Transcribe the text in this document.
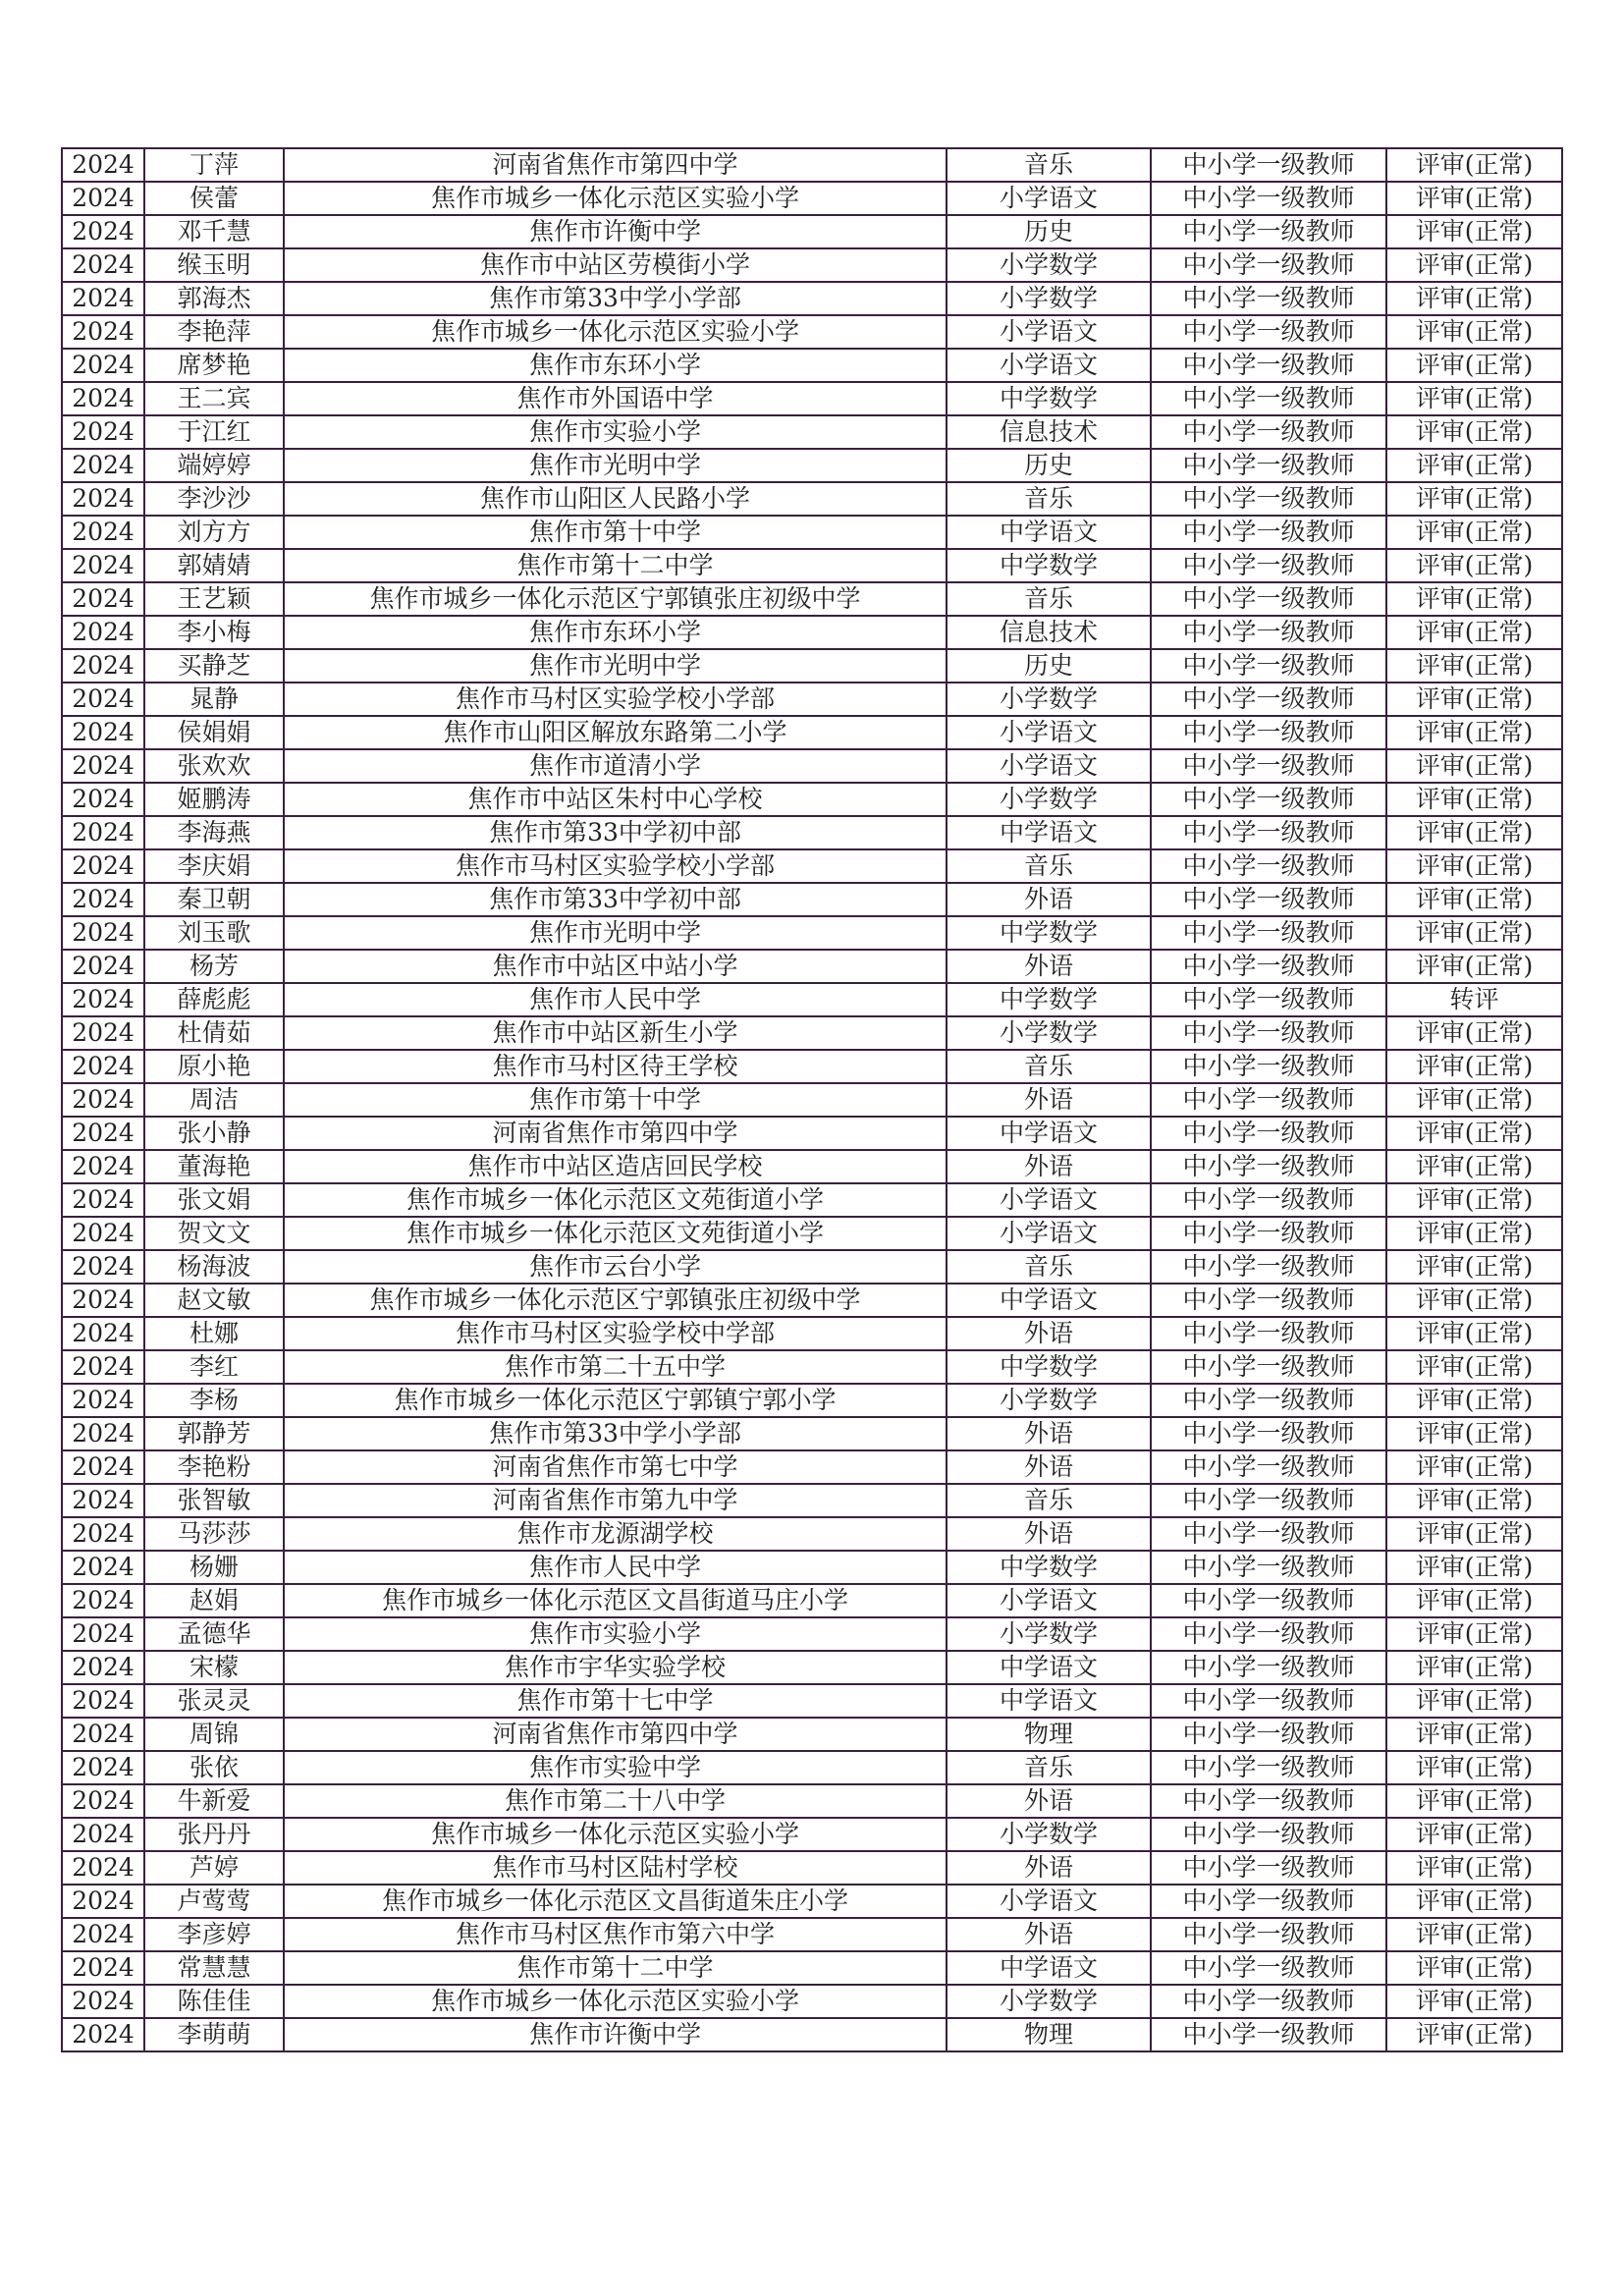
2024	丁萍	河南省焦作市第四中学	音乐	中小学一级教师	评审(正常)
2024	侯蕾	焦作市城乡一体化示范区实验小学	小学语文	中小学一级教师	评审(正常)
2024	邓千慧	焦作市许衡中学	历史	中小学一级教师	评审(正常)
2024	缑玉明	焦作市中站区劳模街小学	小学数学	中小学一级教师	评审(正常)
2024	郭海杰	焦作市第33中学小学部	小学数学	中小学一级教师	评审(正常)
2024	李艳萍	焦作市城乡一体化示范区实验小学	小学语文	中小学一级教师	评审(正常)
2024	席梦艳	焦作市东环小学	小学语文	中小学一级教师	评审(正常)
2024	王二宾	焦作市外国语中学	中学数学	中小学一级教师	评审(正常)
2024	于江红	焦作市实验小学	信息技术	中小学一级教师	评审(正常)
2024	端婷婷	焦作市光明中学	历史	中小学一级教师	评审(正常)
2024	李沙沙	焦作市山阳区人民路小学	音乐	中小学一级教师	评审(正常)
2024	刘方方	焦作市第十中学	中学语文	中小学一级教师	评审(正常)
2024	郭婧婧	焦作市第十二中学	中学数学	中小学一级教师	评审(正常)
2024	王艺颖	焦作市城乡一体化示范区宁郭镇张庄初级中学	音乐	中小学一级教师	评审(正常)
2024	李小梅	焦作市东环小学	信息技术	中小学一级教师	评审(正常)
2024	买静芝	焦作市光明中学	历史	中小学一级教师	评审(正常)
2024	晁静	焦作市马村区实验学校小学部	小学数学	中小学一级教师	评审(正常)
2024	侯娟娟	焦作市山阳区解放东路第二小学	小学语文	中小学一级教师	评审(正常)
2024	张欢欢	焦作市道清小学	小学语文	中小学一级教师	评审(正常)
2024	姬鹏涛	焦作市中站区朱村中心学校	小学数学	中小学一级教师	评审(正常)
2024	李海燕	焦作市第33中学初中部	中学语文	中小学一级教师	评审(正常)
2024	李庆娟	焦作市马村区实验学校小学部	音乐	中小学一级教师	评审(正常)
2024	秦卫朝	焦作市第33中学初中部	外语	中小学一级教师	评审(正常)
2024	刘玉歌	焦作市光明中学	中学数学	中小学一级教师	评审(正常)
2024	杨芳	焦作市中站区中站小学	外语	中小学一级教师	评审(正常)
2024	薛彪彪	焦作市人民中学	中学数学	中小学一级教师	转评
2024	杜倩茹	焦作市中站区新生小学	小学数学	中小学一级教师	评审(正常)
2024	原小艳	焦作市马村区待王学校	音乐	中小学一级教师	评审(正常)
2024	周洁	焦作市第十中学	外语	中小学一级教师	评审(正常)
2024	张小静	河南省焦作市第四中学	中学语文	中小学一级教师	评审(正常)
2024	董海艳	焦作市中站区造店回民学校	外语	中小学一级教师	评审(正常)
2024	张文娟	焦作市城乡一体化示范区文苑街道小学	小学语文	中小学一级教师	评审(正常)
2024	贺文文	焦作市城乡一体化示范区文苑街道小学	小学语文	中小学一级教师	评审(正常)
2024	杨海波	焦作市云台小学	音乐	中小学一级教师	评审(正常)
2024	赵文敏	焦作市城乡一体化示范区宁郭镇张庄初级中学	中学语文	中小学一级教师	评审(正常)
2024	杜娜	焦作市马村区实验学校中学部	外语	中小学一级教师	评审(正常)
2024	李红	焦作市第二十五中学	中学数学	中小学一级教师	评审(正常)
2024	李杨	焦作市城乡一体化示范区宁郭镇宁郭小学	小学数学	中小学一级教师	评审(正常)
2024	郭静芳	焦作市第33中学小学部	外语	中小学一级教师	评审(正常)
2024	李艳粉	河南省焦作市第七中学	外语	中小学一级教师	评审(正常)
2024	张智敏	河南省焦作市第九中学	音乐	中小学一级教师	评审(正常)
2024	马莎莎	焦作市龙源湖学校	外语	中小学一级教师	评审(正常)
2024	杨姗	焦作市人民中学	中学数学	中小学一级教师	评审(正常)
2024	赵娟	焦作市城乡一体化示范区文昌街道马庄小学	小学语文	中小学一级教师	评审(正常)
2024	孟德华	焦作市实验小学	小学数学	中小学一级教师	评审(正常)
2024	宋檬	焦作市宇华实验学校	中学语文	中小学一级教师	评审(正常)
2024	张灵灵	焦作市第十七中学	中学语文	中小学一级教师	评审(正常)
2024	周锦	河南省焦作市第四中学	物理	中小学一级教师	评审(正常)
2024	张依	焦作市实验中学	音乐	中小学一级教师	评审(正常)
2024	牛新爱	焦作市第二十八中学	外语	中小学一级教师	评审(正常)
2024	张丹丹	焦作市城乡一体化示范区实验小学	小学数学	中小学一级教师	评审(正常)
2024	芦婷	焦作市马村区陆村学校	外语	中小学一级教师	评审(正常)
2024	卢莺莺	焦作市城乡一体化示范区文昌街道朱庄小学	小学语文	中小学一级教师	评审(正常)
2024	李彦婷	焦作市马村区焦作市第六中学	外语	中小学一级教师	评审(正常)
2024	常慧慧	焦作市第十二中学	中学语文	中小学一级教师	评审(正常)
2024	陈佳佳	焦作市城乡一体化示范区实验小学	小学数学	中小学一级教师	评审(正常)
2024	李萌萌	焦作市许衡中学	物理	中小学一级教师	评审(正常)
